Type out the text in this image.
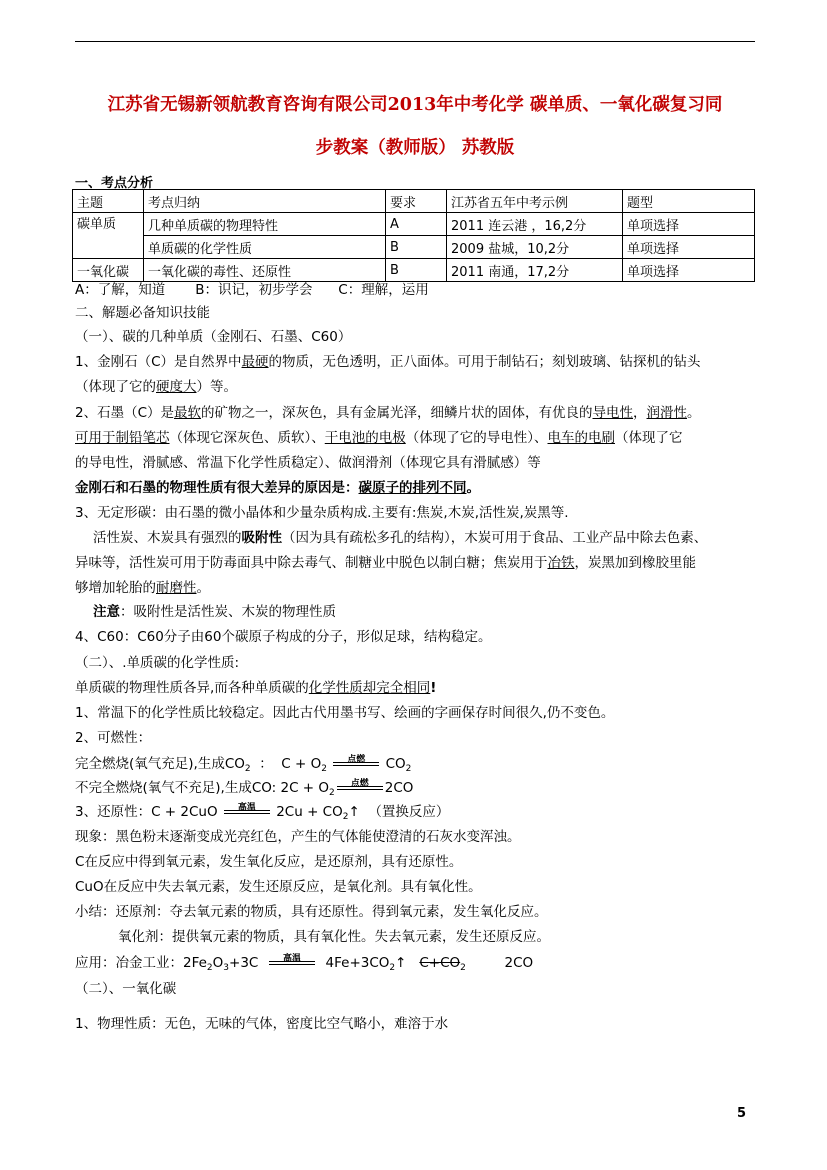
江苏省无锡新领航教育咨询有限公司2013年中考化学 碳单质、一氧化碳复习同
步教案（教师版） 苏教版
一、考点分析
主题	考点归纳	要求	江苏省五年中考示例	题型
碳单质	几种单质碳的物理特性	A	2011 连云港 ，16,2分	单项选择
	单质碳的化学性质	B	2009 盐城，10,2分	单项选择
一氧化碳	一氧化碳的毒性、还原性	B	2011 南通，17,2分	单项选择
A：了解，知道       B：识记，初步学会      C：理解，运用
二、解题必备知识技能
（一）、碳的几种单质（金刚石、石墨、C60）
1、金刚石（C）是自然界中最硬的物质，无色透明，正八面体。可用于制钻石；刻划玻璃、钻探机的钻头
（体现了它的硬度大）等。
2、石墨（C）是最软的矿物之一，深灰色，具有金属光泽，细鳞片状的固体，有优良的导电性，润滑性。
可用于制铅笔芯（体现它深灰色、质软）、干电池的电极（体现了它的导电性）、电车的电刷（体现了它
的导电性，滑腻感、常温下化学性质稳定）、做润滑剂（体现它具有滑腻感）等
金刚石和石墨的物理性质有很大差异的原因是：碳原子的排列不同。
3、无定形碳：由石墨的微小晶体和少量杂质构成.主要有:焦炭,木炭,活性炭,炭黑等.
活性炭、木炭具有强烈的吸附性（因为具有疏松多孔的结构），木炭可用于食品、工业产品中除去色素、
异味等，活性炭可用于防毒面具中除去毒气、制糖业中脱色以制白糖；焦炭用于冶铁，炭黑加到橡胶里能
够增加轮胎的耐磨性。
注意：吸附性是活性炭、木炭的物理性质
4、C60：C60分子由60个碳原子构成的分子，形似足球，结构稳定。
（二）、.单质碳的化学性质:
单质碳的物理性质各异,而各种单质碳的化学性质却完全相同!
1、常温下的化学性质比较稳定。因此古代用墨书写、绘画的字画保存时间很久,仍不变色。
2、可燃性：
完全燃烧(氧气充足),生成$CO_2$  ：  $C + O_2$
点燃	$CO_2$
不完全燃烧(氧气不充足),生成CO: $2C + O_2$
点燃	2CO
3、还原性：C + 2CuO	高温	$2Cu + CO_2↑$ （置换反应）
现象：黑色粉末逐渐变成光亮红色，产生的气体能使澄清的石灰水变浑浊。
C在反应中得到氧元素，发生氧化反应，是还原剂，具有还原性。
CuO在反应中失去氧元素，发生还原反应，是氧化剂。具有氧化性。
小结：还原剂：夺去氧元素的物质，具有还原性。得到氧元素，发生氧化反应。
氧化剂：提供氧元素的物质，具有氧化性。失去氧元素，发生还原反应。
应用：冶金工业：$2Fe_2O_3+3C$	高温	$4Fe+3CO_2↑$ $C+CO_2$	2CO
（二）、一氧化碳
1、物理性质：无色，无味的气体，密度比空气略小，难溶于水
5
